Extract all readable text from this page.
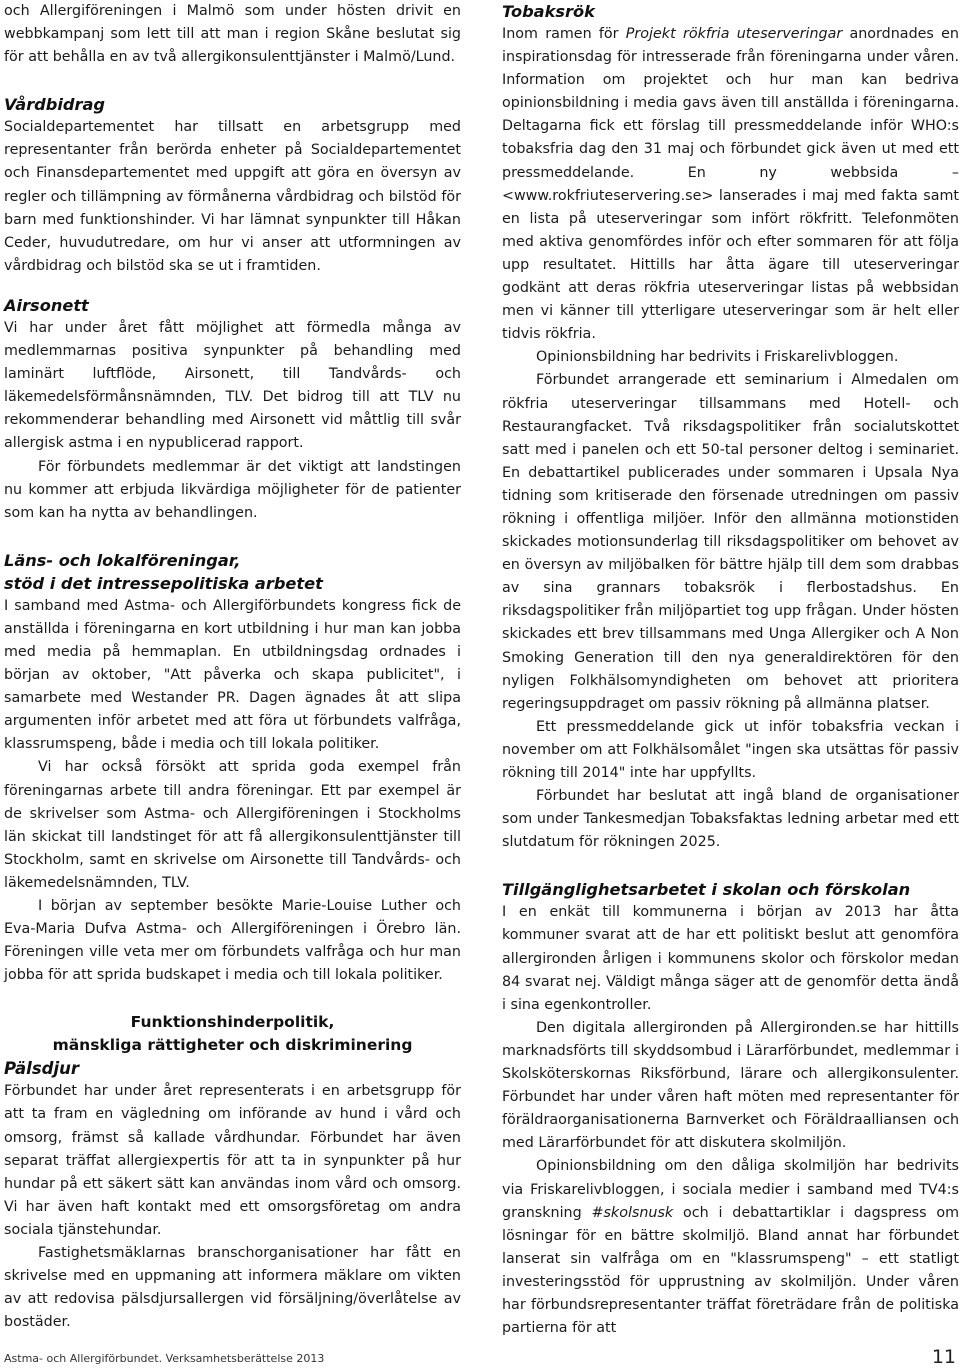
och Allergiföreningen i Malmö som under hösten drivit en webbkampanj som lett till att man i region Skåne beslutat sig för att behålla en av två allergikonsulenttjänster i Malmö/Lund.

Vårdbidrag

Socialdepartementet har tillsatt en arbetsgrupp med representanter från berörda enheter på Socialdepartementet och Finansdepartementet med uppgift att göra en översyn av regler och tillämpning av förmånerna vårdbidrag och bilstöd för barn med funktionshinder. Vi har lämnat synpunkter till Håkan Ceder, huvudutredare, om hur vi anser att utformningen av vårdbidrag och bilstöd ska se ut i framtiden.

Airsonett

Vi har under året fått möjlighet att förmedla många av medlemmarnas positiva synpunkter på behandling med laminärt luftflöde, Airsonett, till Tandvårds- och läkemedelsförmånsnämnden, TLV. Det bidrog till att TLV nu rekommenderar behandling med Airsonett vid måttlig till svår allergisk astma i en nypublicerad rapport.

För förbundets medlemmar är det viktigt att landstingen nu kommer att erbjuda likvärdiga möjligheter för de patienter som kan ha nytta av behandlingen.

Läns- och lokalföreningar,
stöd i det intressepolitiska arbetet

I samband med Astma- och Allergiförbundets kongress fick de anställda i föreningarna en kort utbildning i hur man kan jobba med media på hemmaplan. En utbildningsdag ordnades i början av oktober, "Att påverka och skapa publicitet", i samarbete med Westander PR. Dagen ägnades åt att slipa argumenten inför arbetet med att föra ut förbundets valfråga, klassrumspeng, både i media och till lokala politiker.

Vi har också försökt att sprida goda exempel från föreningarnas arbete till andra föreningar. Ett par exempel är de skrivelser som Astma- och Allergiföreningen i Stockholms län skickat till landstinget för att få allergikonsulenttjänster till Stockholm, samt en skrivelse om Airsonette till Tandvårds- och läkemedelsnämnden, TLV.

I början av september besökte Marie-Louise Luther och Eva-Maria Dufva Astma- och Allergiföreningen i Örebro län. Föreningen ville veta mer om förbundets valfråga och hur man jobba för att sprida budskapet i media och till lokala politiker.

Funktionshinderpolitik,
mänskliga rättigheter och diskriminering
Pälsdjur

Förbundet har under året representerats i en arbetsgrupp för att ta fram en vägledning om införande av hund i vård och omsorg, främst så kallade vårdhundar. Förbundet har även separat träffat allergiexpertis för att ta in synpunkter på hur hundar på ett säkert sätt kan användas inom vård och omsorg. Vi har även haft kontakt med ett omsorgsföretag om andra sociala tjänstehundar.

Fastighetsmäklarnas branschorganisationer har fått en skrivelse med en uppmaning att informera mäklare om vikten av att redovisa pälsdjursallergen vid försäljning/överlåtelse av bostäder.

Tobaksrök

Inom ramen för Projekt rökfria uteserveringar anordnades en inspirationsdag för intresserade från föreningarna under våren. Information om projektet och hur man kan bedriva opinionsbildning i media gavs även till anställda i föreningarna. Deltagarna fick ett förslag till pressmeddelande inför WHO:s tobaksfria dag den 31 maj och förbundet gick även ut med ett pressmeddelande. En ny webbsida – <www.rokfriuteservering.se> lanserades i maj med fakta samt en lista på uteserveringar som infört rökfritt. Telefonmöten med aktiva genomfördes inför och efter sommaren för att följa upp resultatet. Hittills har åtta ägare till uteserveringar godkänt att deras rökfria uteserveringar listas på webbsidan men vi känner till ytterligare uteserveringar som är helt eller tidvis rökfria.

Opinionsbildning har bedrivits i Friskarelivbloggen.

Förbundet arrangerade ett seminarium i Almedalen om rökfria uteserveringar tillsammans med Hotell- och Restaurangfacket. Två riksdagspolitiker från socialutskottet satt med i panelen och ett 50-tal personer deltog i seminariet. En debattartikel publicerades under sommaren i Upsala Nya tidning som kritiserade den försenade utredningen om passiv rökning i offentliga miljöer. Inför den allmänna motionstiden skickades motionsunderlag till riksdagspolitiker om behovet av en översyn av miljöbalken för bättre hjälp till dem som drabbas av sina grannars tobaksrök i flerbostadshus. En riksdagspolitiker från miljöpartiet tog upp frågan. Under hösten skickades ett brev tillsammans med Unga Allergiker och A Non Smoking Generation till den nya generaldirektören för den nyligen Folkhälsomyndigheten om behovet att prioritera regeringsuppdraget om passiv rökning på allmänna platser.

Ett pressmeddelande gick ut inför tobaksfria veckan i november om att Folkhälsomålet "ingen ska utsättas för passiv rökning till 2014" inte har uppfyllts.

Förbundet har beslutat att ingå bland de organisationer som under Tankesmedjan Tobaksfaktas ledning arbetar med ett slutdatum för rökningen 2025.

Tillgänglighetsarbetet i skolan och förskolan

I en enkät till kommunerna i början av 2013 har åtta kommuner svarat att de har ett politiskt beslut att genomföra allergironden årligen i kommunens skolor och förskolor medan 84 svarat nej. Väldigt många säger att de genomför detta ändå i sina egenkontroller.

Den digitala allergironden på Allergironden.se har hittills marknadsförts till skyddsombud i Lärarförbundet, medlemmar i Skolsköterskornas Riksförbund, lärare och allergikonsulenter. Förbundet har under våren haft möten med representanter för föräldraorganisationerna Barnverket och Föräldraalliansen och med Lärarförbundet för att diskutera skolmiljön.

Opinionsbildning om den dåliga skolmiljön har bedrivits via Friskarelivbloggen, i sociala medier i samband med TV4:s granskning #skolsnusk och i debattartiklar i dagspress om lösningar för en bättre skolmiljö. Bland annat har förbundet lanserat sin valfråga om en "klassrumspeng" – ett statligt investeringsstöd för upprustning av skolmiljön. Under våren har förbundsrepresentanter träffat företrädare från de politiska partierna för att

Astma- och Allergiförbundet. Verksamhetsberättelse 2013	11
